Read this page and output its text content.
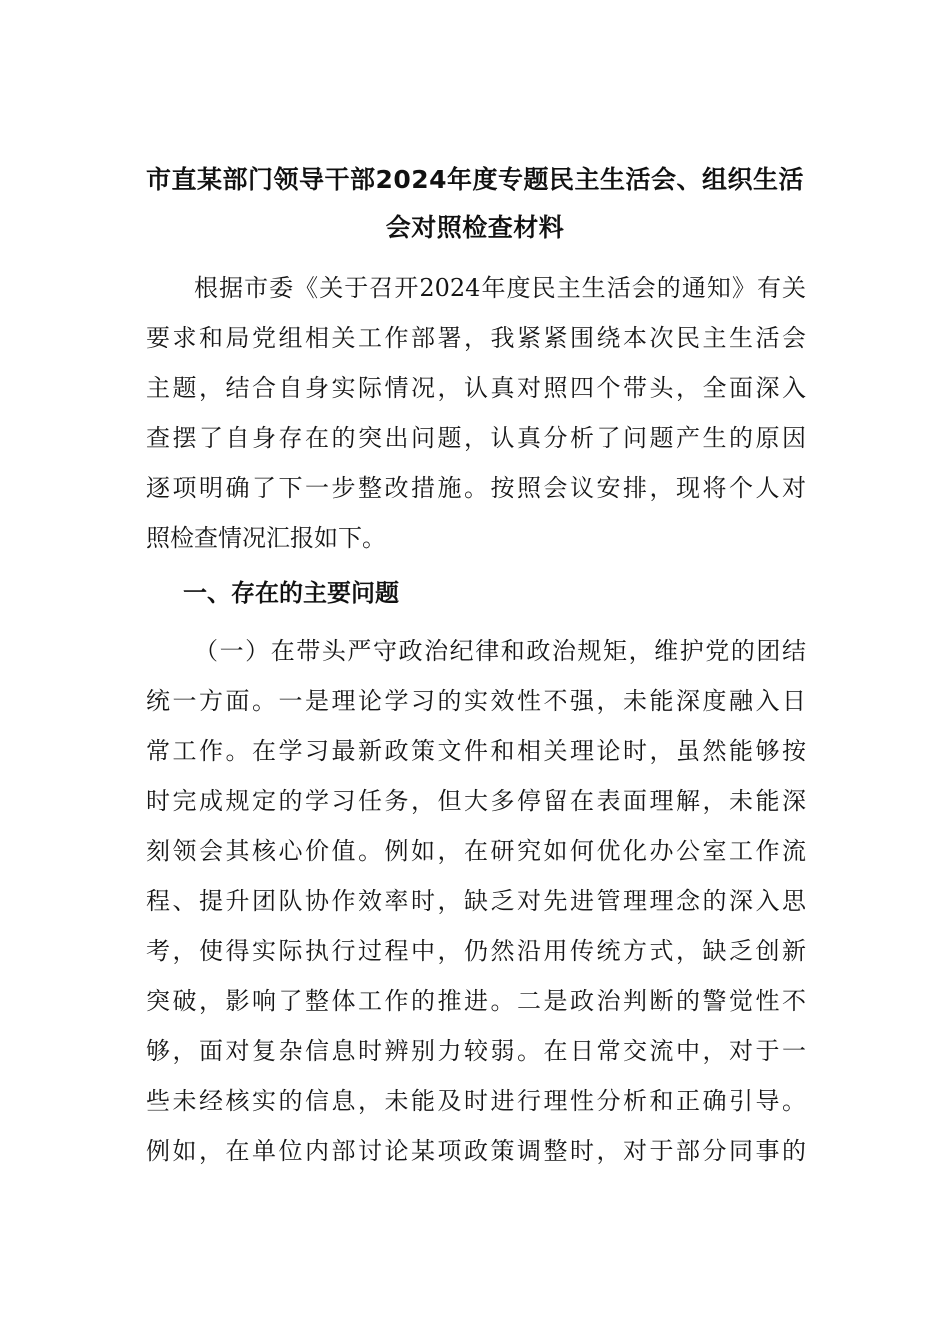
市直某部门领导干部2024年度专题民主生活会、组织生活
会对照检查材料
根据市委《关于召开2024年度民主生活会的通知》有关
要求和局党组相关工作部署，我紧紧围绕本次民主生活会
主题，结合自身实际情况，认真对照四个带头，全面深入
查摆了自身存在的突出问题，认真分析了问题产生的原因
逐项明确了下一步整改措施。按照会议安排，现将个人对
照检查情况汇报如下。
一、存在的主要问题
（一）在带头严守政治纪律和政治规矩，维护党的团结
统一方面。一是理论学习的实效性不强，未能深度融入日
常工作。在学习最新政策文件和相关理论时，虽然能够按
时完成规定的学习任务，但大多停留在表面理解，未能深
刻领会其核心价值。例如，在研究如何优化办公室工作流
程、提升团队协作效率时，缺乏对先进管理理念的深入思
考，使得实际执行过程中，仍然沿用传统方式，缺乏创新
突破，影响了整体工作的推进。二是政治判断的警觉性不
够，面对复杂信息时辨别力较弱。在日常交流中，对于一
些未经核实的信息，未能及时进行理性分析和正确引导。
例如，在单位内部讨论某项政策调整时，对于部分同事的
